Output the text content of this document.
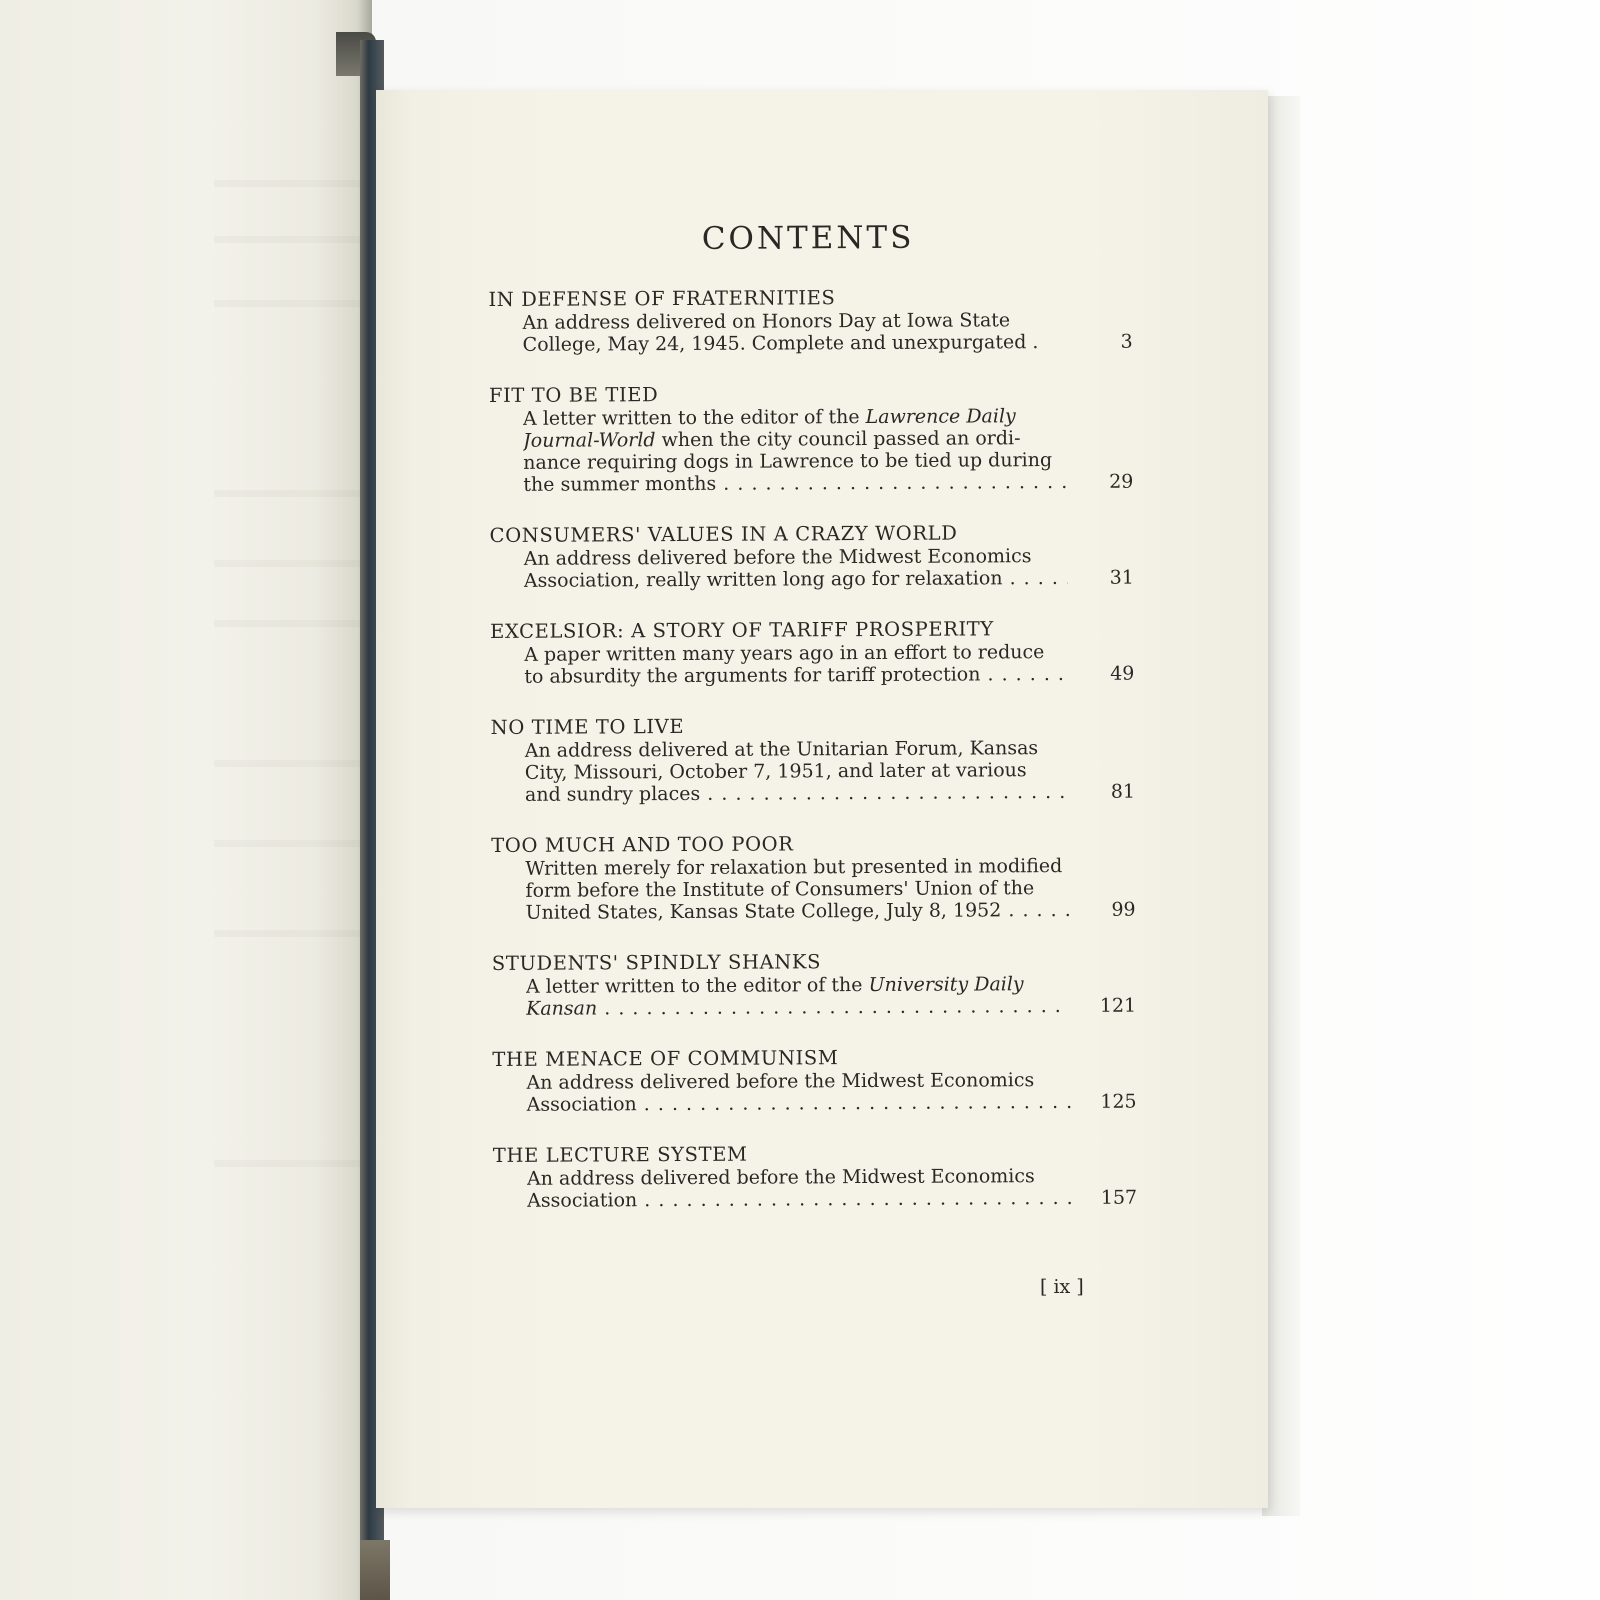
CONTENTS
IN DEFENSE OF FRATERNITIES
An address delivered on Honors Day at Iowa State
College, May 24, 1945. Complete and unexpurgated .	3
FIT TO BE TIED
A letter written to the editor of the Lawrence Daily
Journal-World when the city council passed an ordi-
nance requiring dogs in Lawrence to be tied up during
the summer months . . .	29
CONSUMERS' VALUES IN A CRAZY WORLD
An address delivered before the Midwest Economics
Association, really written long ago for relaxation . . .	31
EXCELSIOR: A STORY OF TARIFF PROSPERITY
A paper written many years ago in an effort to reduce
to absurdity the arguments for tariff protection . . .	49
NO TIME TO LIVE
An address delivered at the Unitarian Forum, Kansas
City, Missouri, October 7, 1951, and later at various
and sundry places . . .	81
TOO MUCH AND TOO POOR
Written merely for relaxation but presented in modified
form before the Institute of Consumers' Union of the
United States, Kansas State College, July 8, 1952 . . .	99
STUDENTS' SPINDLY SHANKS
A letter written to the editor of the University Daily
Kansan . . .	121
THE MENACE OF COMMUNISM
An address delivered before the Midwest Economics
Association . . .	125
THE LECTURE SYSTEM
An address delivered before the Midwest Economics
Association . . .	157
[ ix ]
